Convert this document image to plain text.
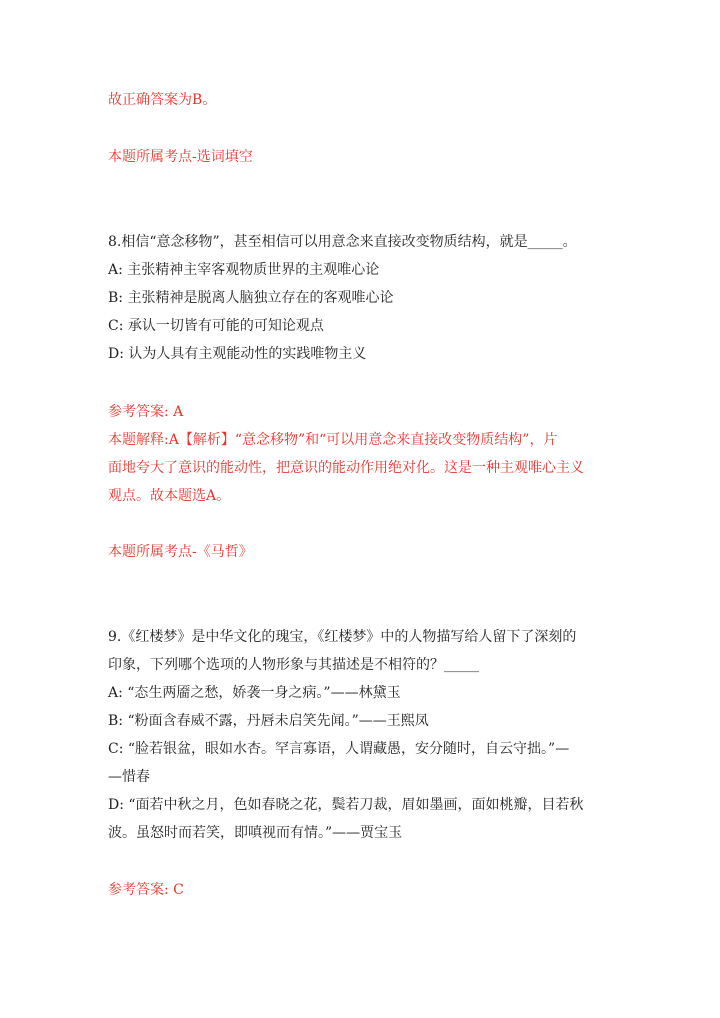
故正确答案为B。
本题所属考点-选词填空
8.相信“意念移物”，甚至相信可以用意念来直接改变物质结构，就是_____。
A: 主张精神主宰客观物质世界的主观唯心论
B: 主张精神是脱离人脑独立存在的客观唯心论
C: 承认一切皆有可能的可知论观点
D: 认为人具有主观能动性的实践唯物主义
参考答案: A
本题解释:A【解析】“意念移物”和“可以用意念来直接改变物质结构”，片
面地夸大了意识的能动性，把意识的能动作用绝对化。这是一种主观唯心主义
观点。故本题选A。
本题所属考点-《马哲》
9.《红楼梦》是中华文化的瑰宝，《红楼梦》中的人物描写给人留下了深刻的
印象，下列哪个选项的人物形象与其描述是不相符的？_____
A: “态生两靥之愁，娇袭一身之病。”——林黛玉
B: “粉面含春威不露，丹唇未启笑先闻。”——王熙凤
C: “脸若银盆，眼如水杏。罕言寡语，人谓藏愚，安分随时，自云守拙。”—
—惜春
D: “面若中秋之月，色如春晓之花，鬓若刀裁，眉如墨画，面如桃瓣，目若秋
波。虽怒时而若笑，即嗔视而有情。”——贾宝玉
参考答案: C
